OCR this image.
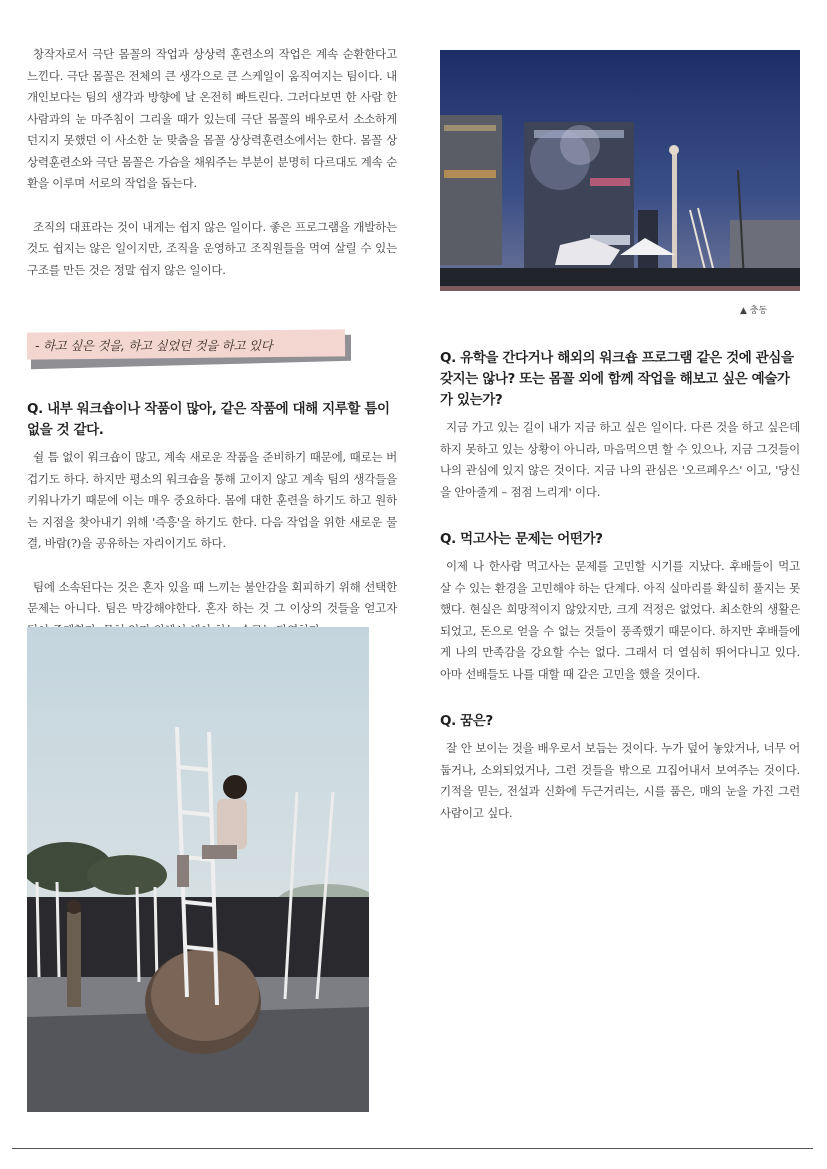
창작자로서 극단 몸꼴의 작업과 상상력 훈련소의 작업은 계속 순환한다고 느낀다. 극단 몸꼴은 전체의 큰 생각으로 큰 스케일이 움직여지는 팀이다. 내 개인보다는 팀의 생각과 방향에 날 온전히 빠트린다. 그러다보면 한 사람 한사람과의 눈 마주침이 그리울 때가 있는데 극단 몸꼴의 배우로서 소소하게 던지지 못했던 이 사소한 눈 맞춤을 몸꼴 상상력훈련소에서는 한다. 몸꼴 상상력훈련소와 극단 몸꼴은 가슴을 채워주는 부분이 분명히 다르대도 계속 순환을 이루며 서로의 작업을 돕는다.

조직의 대표라는 것이 내게는 쉽지 않은 일이다. 좋은 프로그램을 개발하는 것도 쉽지는 않은 일이지만, 조직을 운영하고 조직원들을 먹여 살릴 수 있는 구조를 만든 것은 정말 쉽지 않은 일이다.

- 하고 싶은 것을, 하고 싶었던 것을 하고 있다
Q. 내부 워크숍이나 작품이 많아, 같은 작품에 대해 지루할 틈이 없을 것 같다.

쉴 틈 없이 워크숍이 많고, 계속 새로운 작품을 준비하기 때문에, 때로는 버겁기도 하다. 하지만 평소의 워크숍을 통해 고이지 않고 계속 팀의 생각들을 키워나가기 때문에 이는 매우 중요하다. 몸에 대한 훈련을 하기도 하고 원하는 지점을 찾아내기 위해 '즉흥'을 하기도 한다. 다음 작업을 위한 새로운 물결, 바람(?)을 공유하는 자리이기도 하다.

팀에 소속된다는 것은 혼자 있을 때 느끼는 불안감을 회피하기 위해 선택한 문제는 아니다. 팀은 막강해야한다. 혼자 하는 것 그 이상의 것들을 얻고자

▲ 충동
Q. 유학을 간다거나 해외의 워크숍 프로그램 같은 것에 관심을 갖지는 않나? 또는 몸꼴 외에 함께 작업을 해보고 싶은 예술가가 있는가?

지금 가고 있는 길이 내가 지금 하고 싶은 일이다. 다른 것을 하고 싶은데 하지 못하고 있는 상황이 아니라, 마음먹으면 할 수 있으나, 지금 그것들이 나의 관심에 있지 않은 것이다. 지금 나의 관심은 '오르페우스' 이고, '당신을 안아줄게 – 점점 느리게' 이다.

Q. 먹고사는 문제는 어떤가?

이제 나 한사람 먹고사는 문제를 고민할 시기를 지났다. 후배들이 먹고 살 수 있는 환경을 고민해야 하는 단계다. 아직 실마리를 확실히 풀지는 못했다. 현실은 희망적이지 않았지만, 크게 걱정은 없었다. 최소한의 생활은 되었고, 돈으로 얻을 수 없는 것들이 풍족했기 때문이다. 하지만 후배들에게 나의 만족감을 강요할 수는 없다. 그래서 더 열심히 뛰어다니고 있다. 아마 선배들도 나를 대할 때 같은 고민을 했을 것이다.

Q. 꿈은?

잘 안 보이는 것을 배우로서 보듬는 것이다. 누가 덮어 놓았거나, 너무 어둡거나, 소외되었거나, 그런 것들을 밖으로 끄집어내서 보여주는 것이다. 기적을 믿는, 전설과 신화에 두근거리는, 시를 품은, 매의 눈을 가진 그런 사람이고 싶다.
